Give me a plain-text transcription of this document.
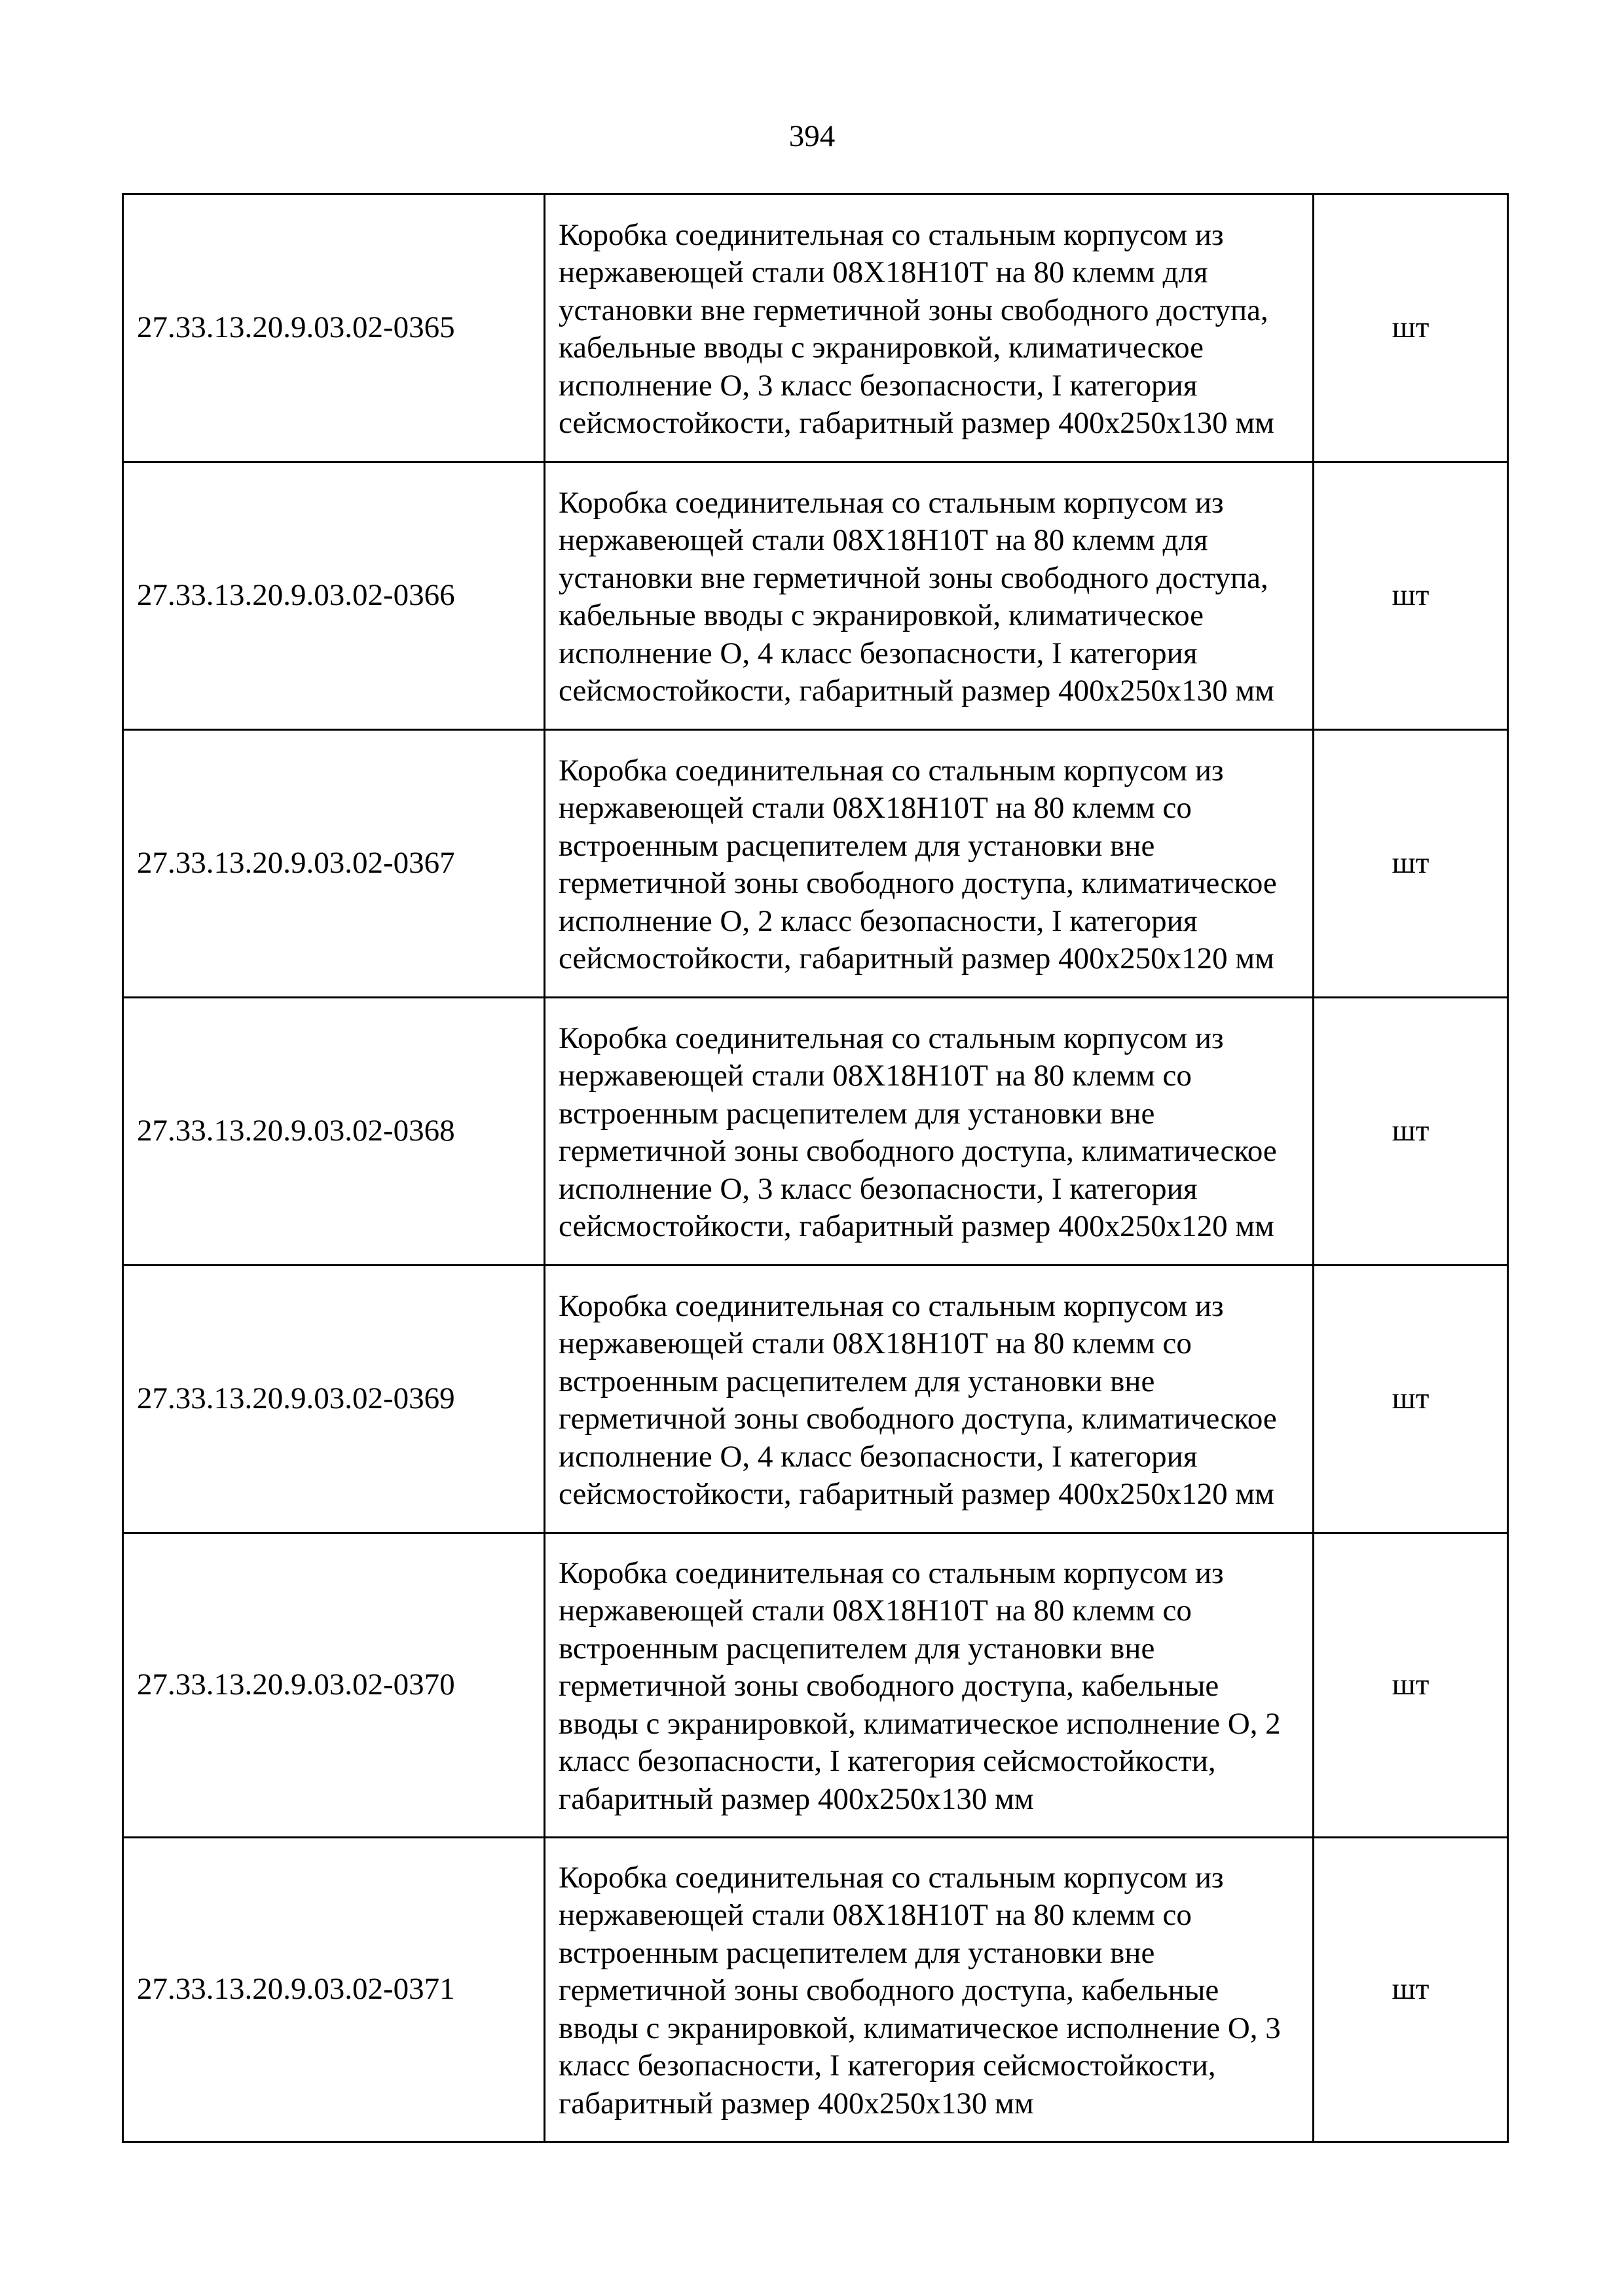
394
27.33.13.20.9.03.02-0365	Коробка соединительная со стальным корпусом из нержавеющей стали 08Х18Н10Т на 80 клемм для установки вне герметичной зоны свободного доступа, кабельные вводы с экранировкой, климатическое исполнение О, 3 класс безопасности, I категория сейсмостойкости, габаритный размер 400х250х130 мм	шт
27.33.13.20.9.03.02-0366	Коробка соединительная со стальным корпусом из нержавеющей стали 08Х18Н10Т на 80 клемм для установки вне герметичной зоны свободного доступа, кабельные вводы с экранировкой, климатическое исполнение О, 4 класс безопасности, I категория сейсмостойкости, габаритный размер 400х250х130 мм	шт
27.33.13.20.9.03.02-0367	Коробка соединительная со стальным корпусом из нержавеющей стали 08Х18Н10Т на 80 клемм со встроенным расцепителем для установки вне герметичной зоны свободного доступа, климатическое исполнение О, 2 класс безопасности, I категория сейсмостойкости, габаритный размер 400х250х120 мм	шт
27.33.13.20.9.03.02-0368	Коробка соединительная со стальным корпусом из нержавеющей стали 08Х18Н10Т на 80 клемм со встроенным расцепителем для установки вне герметичной зоны свободного доступа, климатическое исполнение О, 3 класс безопасности, I категория сейсмостойкости, габаритный размер 400х250х120 мм	шт
27.33.13.20.9.03.02-0369	Коробка соединительная со стальным корпусом из нержавеющей стали 08Х18Н10Т на 80 клемм со встроенным расцепителем для установки вне герметичной зоны свободного доступа, климатическое исполнение О, 4 класс безопасности, I категория сейсмостойкости, габаритный размер 400х250х120 мм	шт
27.33.13.20.9.03.02-0370	Коробка соединительная со стальным корпусом из нержавеющей стали 08Х18Н10Т на 80 клемм со встроенным расцепителем для установки вне герметичной зоны свободного доступа, кабельные вводы с экранировкой, климатическое исполнение О, 2 класс безопасности, I категория сейсмостойкости, габаритный размер 400х250х130 мм	шт
27.33.13.20.9.03.02-0371	Коробка соединительная со стальным корпусом из нержавеющей стали 08Х18Н10Т на 80 клемм со встроенным расцепителем для установки вне герметичной зоны свободного доступа, кабельные вводы с экранировкой, климатическое исполнение О, 3 класс безопасности, I категория сейсмостойкости, габаритный размер 400х250х130 мм	шт
